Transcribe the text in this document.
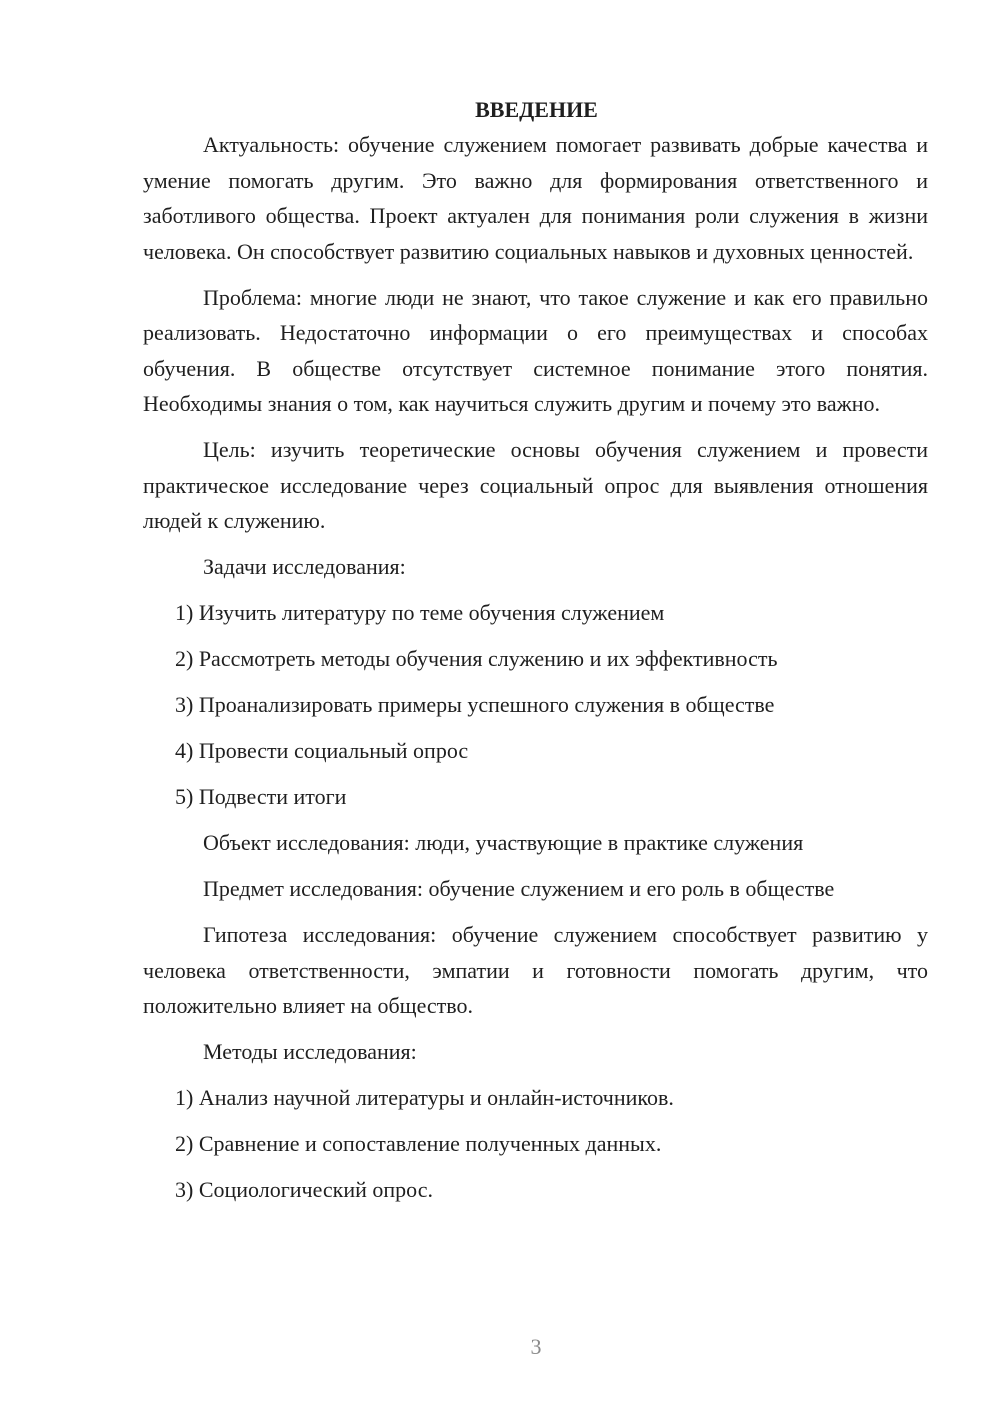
ВВЕДЕНИЕ

Актуальность: обучение служением помогает развивать добрые качества и умение помогать другим. Это важно для формирования ответственного и заботливого общества. Проект актуален для понимания роли служения в жизни человека. Он способствует развитию социальных навыков и духовных ценностей.

Проблема: многие люди не знают, что такое служение и как его правильно реализовать. Недостаточно информации о его преимуществах и способах обучения. В обществе отсутствует системное понимание этого понятия. Необходимы знания о том, как научиться служить другим и почему это важно.

Цель: изучить теоретические основы обучения служением и провести практическое исследование через социальный опрос для выявления отношения людей к служению.

Задачи исследования:
1) Изучить литературу по теме обучения служением
2) Рассмотреть методы обучения служению и их эффективность
3) Проанализировать примеры успешного служения в обществе
4) Провести социальный опрос
5) Подвести итоги
Объект исследования: люди, участвующие в практике служения
Предмет исследования: обучение служением и его роль в обществе

Гипотеза исследования: обучение служением способствует развитию у человека ответственности, эмпатии и готовности помогать другим, что положительно влияет на общество.

Методы исследования:
1) Анализ научной литературы и онлайн-источников.
2) Сравнение и сопоставление полученных данных.
3) Социологический опрос.
3
